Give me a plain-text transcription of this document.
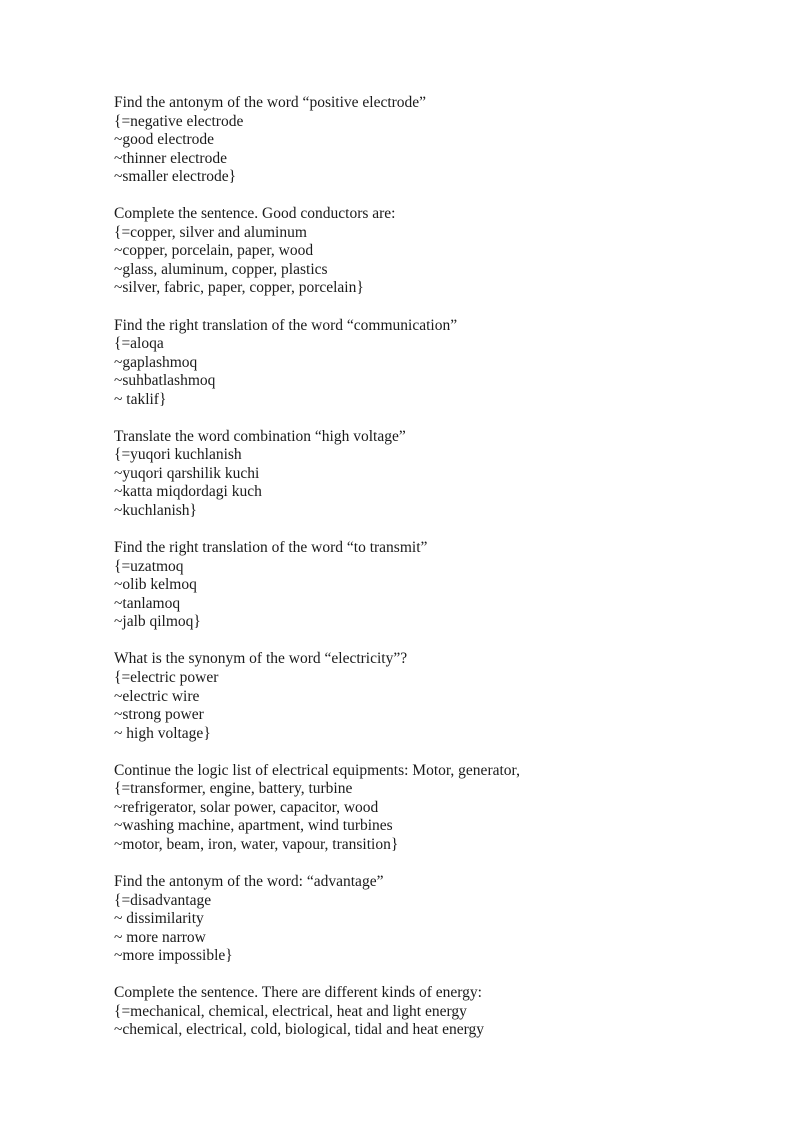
Find the antonym of the word “positive electrode”
{=negative electrode
~good electrode
~thinner electrode
~smaller electrode}
Complete the sentence. Good conductors are:
{=copper, silver and aluminum
~copper, porcelain, paper, wood
~glass, aluminum, copper, plastics
~silver, fabric, paper, copper, porcelain}
Find the right translation of the word “communication”
{=aloqa
~gaplashmoq
~suhbatlashmoq
~ taklif}
Translate the word combination “high voltage”
{=yuqori kuchlanish
~yuqori qarshilik kuchi
~katta miqdordagi kuch
~kuchlanish}
Find the right translation of the word “to transmit”
{=uzatmoq
~olib kelmoq
~tanlamoq
~jalb qilmoq}
What is the synonym of the word “electricity”?
{=electric power
~electric wire
~strong power
~ high voltage}
Continue the logic list of electrical equipments: Motor, generator,
{=transformer, engine, battery, turbine
~refrigerator, solar power, capacitor, wood
~washing machine, apartment, wind turbines
~motor, beam, iron, water, vapour, transition}
Find the antonym of the word: “advantage”
{=disadvantage
~ dissimilarity
~ more narrow
~more impossible}
Complete the sentence. There are different kinds of energy:
{=mechanical, chemical, electrical, heat and light energy
~chemical, electrical, cold, biological, tidal and heat energy
